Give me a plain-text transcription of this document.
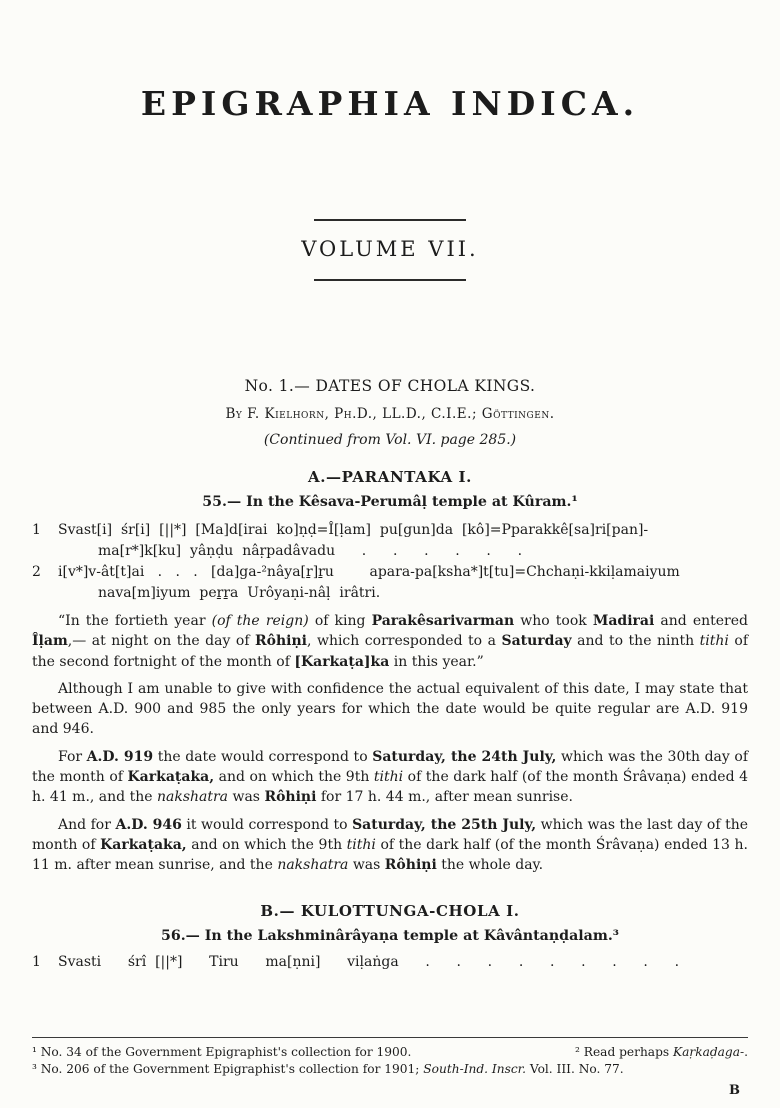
EPIGRAPHIA INDICA.
VOLUME VII.
No. 1.— DATES OF CHOLA KINGS.
By F. Kielhorn, Ph.D., LL.D., C.I.E.; Göttingen.
(Continued from Vol. VI. page 285.)
A.—PARANTAKA I.
55.— In the Kêsava-Perumâḷ temple at Kûram.¹
1	Svast[i]  śr[i]  [||*]  [Ma]d[irai  ko]ṇḍ=Î[ḷam]  pu[gun]da  [kô]=Pparakkê[sa]ri[pan]-
ma[r*]k[ku]  yâṇḍu  nâṛpadâvadu      .      .      .      .      .      .
2	i[v*]v-ât[t]ai   .   .   .   [da]ga-²nâya[ṟ]ṟu        apara-pa[ksha*]t[tu]=Chchaṇi-kkiḷamaiyum
nava[m]iyum  peṟṟa  Urôyaṇi-nâḷ  irâtri.

“In the fortieth year (of the reign) of king Parakêsarivarman who took Madirai and entered Îḷam,— at night on the day of Rôhiṇi, which corresponded to a Saturday and to the ninth tithi of the second fortnight of the month of [Karkaṭa]ka in this year.”

Although I am unable to give with confidence the actual equivalent of this date, I may state that between A.D. 900 and 985 the only years for which the date would be quite regular are A.D. 919 and 946.

For A.D. 919 the date would correspond to Saturday, the 24th July, which was the 30th day of the month of Karkaṭaka, and on which the 9th tithi of the dark half (of the month Śrâvaṇa) ended 4 h. 41 m., and the nakshatra was Rôhiṇi for 17 h. 44 m., after mean sunrise.

And for A.D. 946 it would correspond to Saturday, the 25th July, which was the last day of the month of Karkaṭaka, and on which the 9th tithi of the dark half (of the month Śrâvaṇa) ended 13 h. 11 m. after mean sunrise, and the nakshatra was Rôhiṇi the whole day.

B.— KULOTTUNGA-CHOLA I.
56.— In the Lakshminârâyaṇa temple at Kâvântaṇḍalam.³
1	Svasti      śrî  [||*]      Tiru      ma[ṇni]      viḷaṅga      .      .      .      .      .      .      .      .      .
¹ No. 34 of the Government Epigraphist's collection for 1900.	² Read perhaps Kaṛkaḍaga-.
³ No. 206 of the Government Epigraphist's collection for 1901; South-Ind. Inscr. Vol. III. No. 77.
B
